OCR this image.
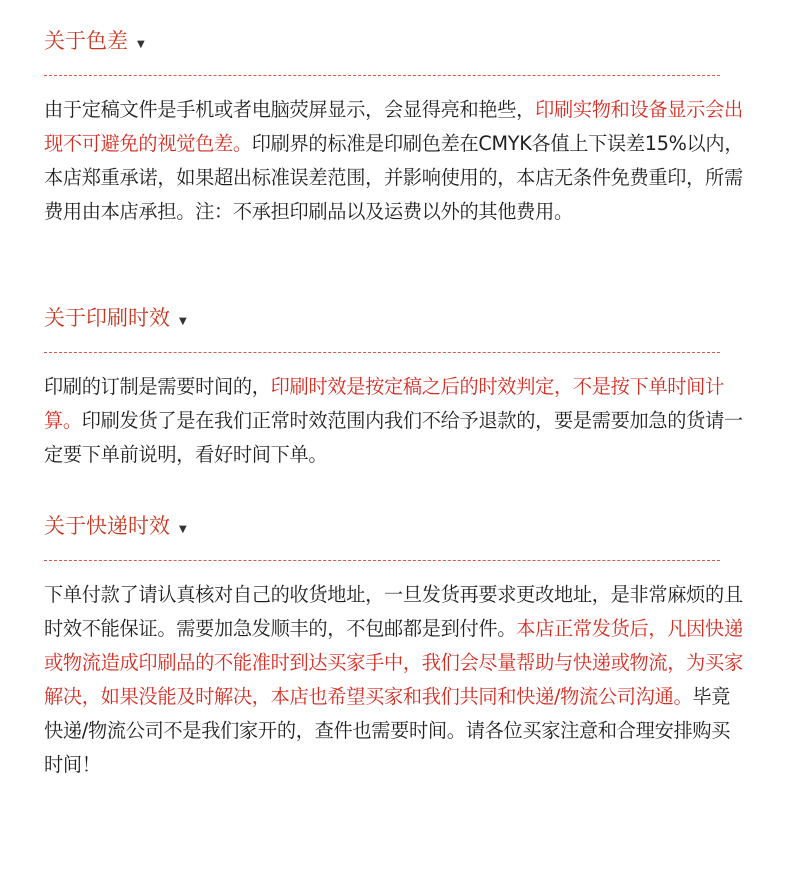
关于色差 ▼
由于定稿文件是手机或者电脑荧屏显示，会显得亮和艳些，印刷实物和设备显示会出现不可避免的视觉色差。印刷界的标准是印刷色差在CMYK各值上下误差15%以内，本店郑重承诺，如果超出标准误差范围，并影响使用的，本店无条件免费重印，所需费用由本店承担。注：不承担印刷品以及运费以外的其他费用。
关于印刷时效 ▼
印刷的订制是需要时间的，印刷时效是按定稿之后的时效判定，不是按下单时间计算。印刷发货了是在我们正常时效范围内我们不给予退款的，要是需要加急的货请一定要下单前说明，看好时间下单。
关于快递时效 ▼
下单付款了请认真核对自己的收货地址，一旦发货再要求更改地址，是非常麻烦的且时效不能保证。需要加急发顺丰的，不包邮都是到付件。本店正常发货后，凡因快递或物流造成印刷品的不能准时到达买家手中，我们会尽量帮助与快递或物流，为买家解决，如果没能及时解决，本店也希望买家和我们共同和快递/物流公司沟通。毕竟快递/物流公司不是我们家开的，查件也需要时间。请各位买家注意和合理安排购买时间！
